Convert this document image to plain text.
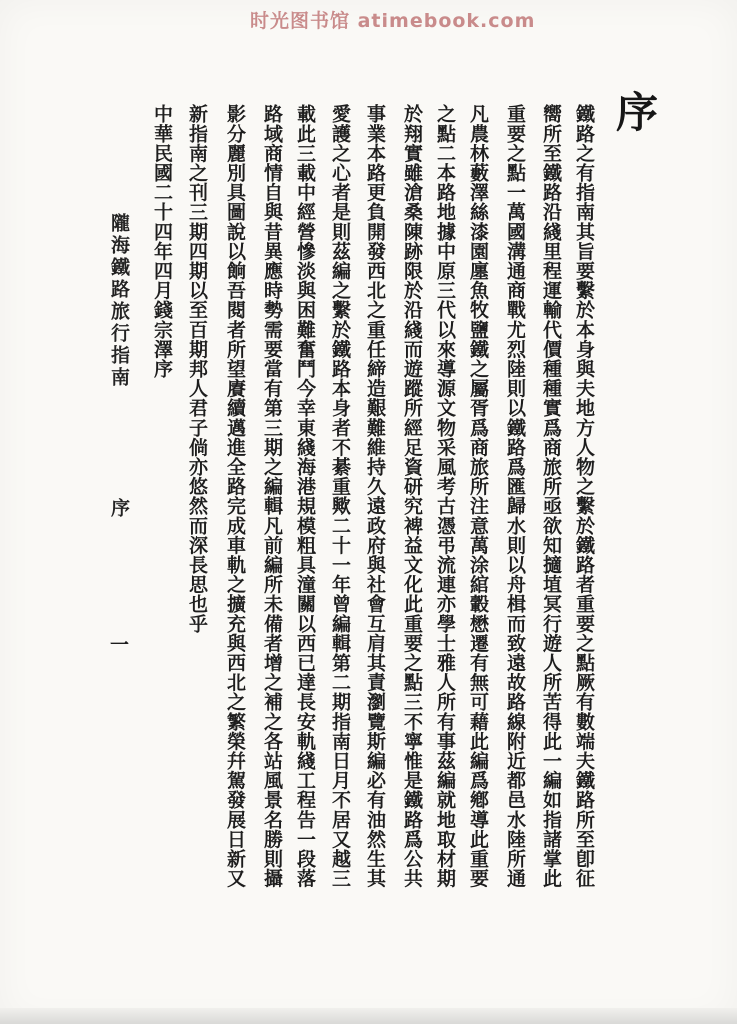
时光图书馆 atimebook.com
序
鐵路之有指南其旨要繫於本身與夫地方人物之繫於鐵路者重要之點厥有數端夫鐵路所至卽征
嚮所至鐵路沿綫里程運輸代價種種實爲商旅所亟欲知擿埴冥行遊人所苦得此一編如指諸掌此
重要之點一萬國溝通商戰尤烈陸則以鐵路爲匯歸水則以舟楫而致遠故路線附近都邑水陸所通
凡農林藪澤絲漆園廛魚牧鹽鐵之屬胥爲商旅所注意萬涂綰轂懋遷有無可藉此編爲鄕導此重要
之點二本路地據中原三代以來導源文物采風考古憑弔流連亦學士雅人所有事茲編就地取材期
於翔實雖滄桑陳跡限於沿綫而遊蹤所經足資研究裨益文化此重要之點三不寧惟是鐵路爲公共
事業本路更負開發西北之重任締造艱難維持久遠政府與社會互肩其責瀏覽斯編必有油然生其
愛護之心者是則茲編之繫於鐵路本身者不綦重歟二十一年曾編輯第二期指南日月不居又越三
載此三載中經營慘淡與困難奮鬥今幸東綫海港規模粗具潼關以西已達長安軌綫工程告一段落
路域商情自與昔異應時勢需要當有第三期之編輯凡前編所未備者增之補之各站風景名勝則攝
影分麗別具圖說以餉吾閱者所望賡續邁進全路完成車軌之擴充與西北之繁榮幷駕發展日新又
新指南之刊三期四期以至百期邦人君子倘亦悠然而深長思也乎
中華民國二十四年四月錢宗澤序
隴海鐵路旅行指南
序
一
